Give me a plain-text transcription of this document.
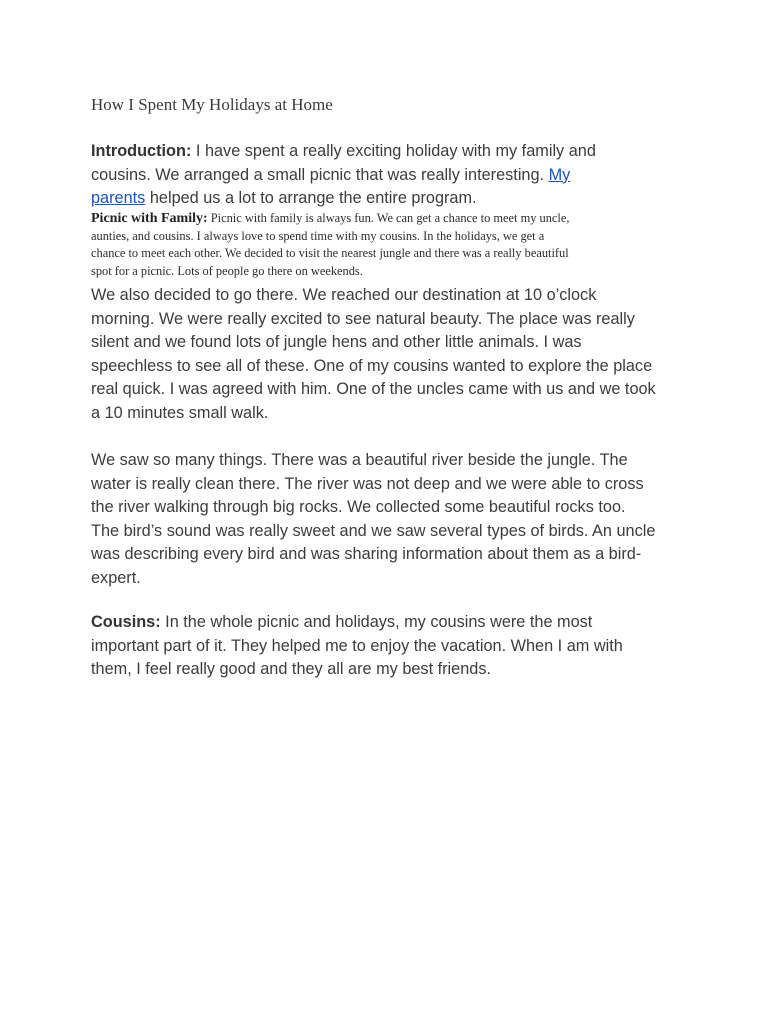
How I Spent My Holidays at Home
Introduction: I have spent a really exciting holiday with my family and
cousins. We arranged a small picnic that was really interesting. My
parents helped us a lot to arrange the entire program.
Picnic with Family: Picnic with family is always fun. We can get a chance to meet my uncle,
aunties, and cousins. I always love to spend time with my cousins. In the holidays, we get a
chance to meet each other. We decided to visit the nearest jungle and there was a really beautiful
spot for a picnic. Lots of people go there on weekends.
We also decided to go there. We reached our destination at 10 o’clock
morning. We were really excited to see natural beauty. The place was really
silent and we found lots of jungle hens and other little animals. I was
speechless to see all of these. One of my cousins wanted to explore the place
real quick. I was agreed with him. One of the uncles came with us and we took
a 10 minutes small walk.
We saw so many things. There was a beautiful river beside the jungle. The
water is really clean there. The river was not deep and we were able to cross
the river walking through big rocks. We collected some beautiful rocks too.
The bird’s sound was really sweet and we saw several types of birds. An uncle
was describing every bird and was sharing information about them as a bird-
expert.
Cousins: In the whole picnic and holidays, my cousins were the most
important part of it. They helped me to enjoy the vacation. When I am with
them, I feel really good and they all are my best friends.
